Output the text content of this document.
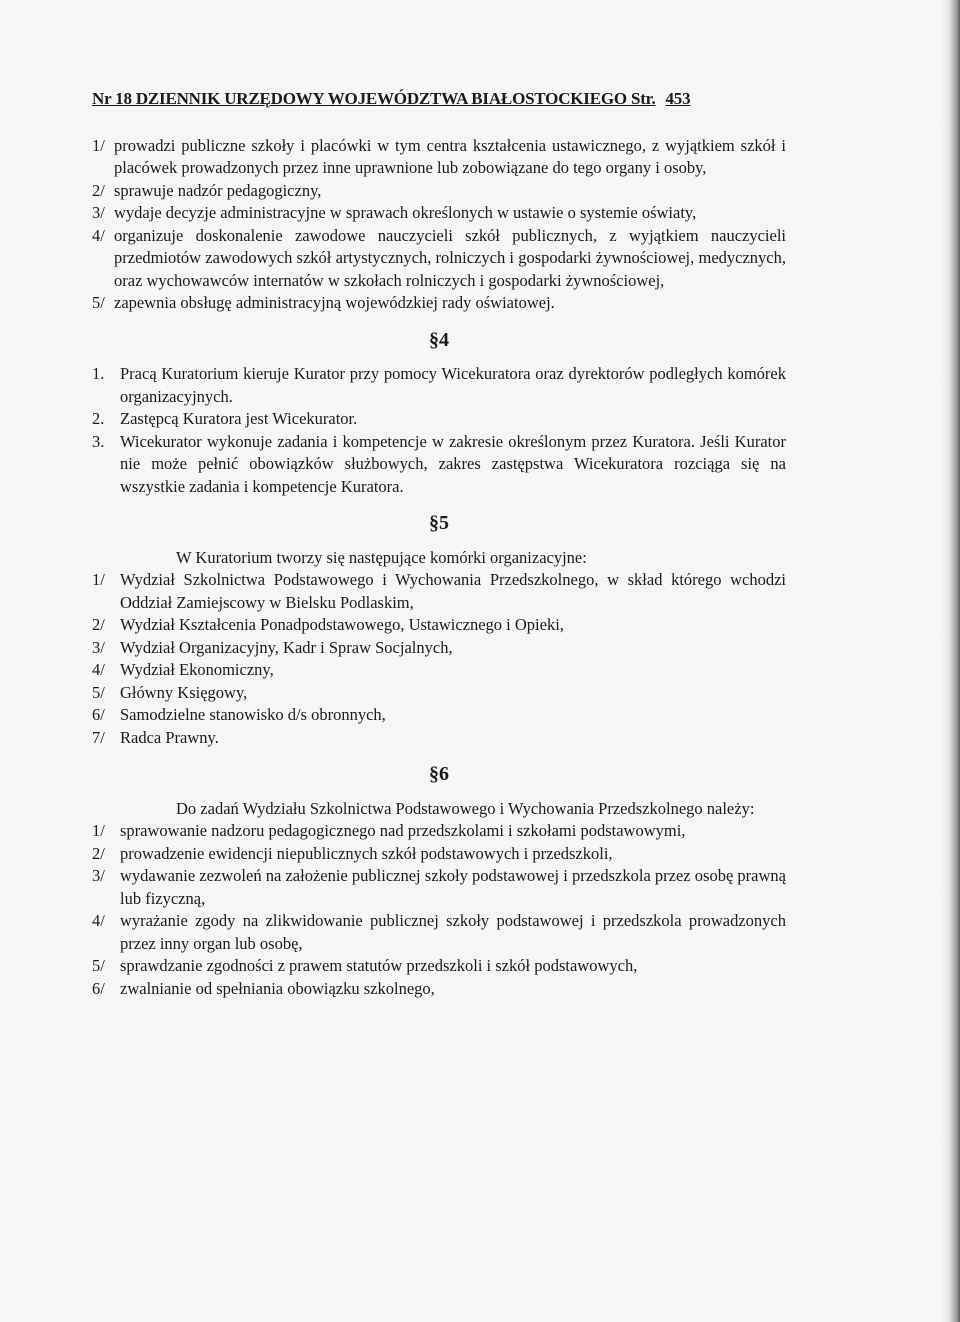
Nr 18 DZIENNIK URZĘDOWY WOJEWÓDZTWA BIAŁOSTOCKIEGO Str. 453
1/ prowadzi publiczne szkoły i placówki w tym centra kształcenia ustawicznego, z wyjątkiem szkół i placówek prowadzonych przez inne uprawnione lub zobowiązane do tego organy i osoby,
2/ sprawuje nadzór pedagogiczny,
3/ wydaje decyzje administracyjne w sprawach określonych w ustawie o systemie oświaty,
4/ organizuje doskonalenie zawodowe nauczycieli szkół publicznych, z wyjątkiem nauczycieli przedmiotów zawodowych szkół artystycznych, rolniczych i gospodarki żywnościowej, medycznych, oraz wychowawców internatów w szkołach rolniczych i gospodarki żywnościowej,
5/ zapewnia obsługę administracyjną wojewódzkiej rady oświatowej.
§4
1. Pracą Kuratorium kieruje Kurator przy pomocy Wicekuratora oraz dyrektorów podległych komórek organizacyjnych.
2. Zastępcą Kuratora jest Wicekurator.
3. Wicekurator wykonuje zadania i kompetencje w zakresie określonym przez Kuratora. Jeśli Kurator nie może pełnić obowiązków służbowych, zakres zastępstwa Wicekuratora rozciąga się na wszystkie zadania i kompetencje Kuratora.
§5
W Kuratorium tworzy się następujące komórki organizacyjne:
1/ Wydział Szkolnictwa Podstawowego i Wychowania Przedszkolnego, w skład którego wchodzi Oddział Zamiejscowy w Bielsku Podlaskim,
2/ Wydział Kształcenia Ponadpodstawowego, Ustawicznego i Opieki,
3/ Wydział Organizacyjny, Kadr i Spraw Socjalnych,
4/ Wydział Ekonomiczny,
5/ Główny Księgowy,
6/ Samodzielne stanowisko d/s obronnych,
7/ Radca Prawny.
§6
Do zadań Wydziału Szkolnictwa Podstawowego i Wychowania Przedszkolnego należy:
1/ sprawowanie nadzoru pedagogicznego nad przedszkolami i szkołami podstawowymi,
2/ prowadzenie ewidencji niepublicznych szkół podstawowych i przedszkoli,
3/ wydawanie zezwoleń na założenie publicznej szkoły podstawowej i przedszkola przez osobę prawną lub fizyczną,
4/ wyrażanie zgody na zlikwidowanie publicznej szkoły podstawowej i przedszkola prowadzonych przez inny organ lub osobę,
5/ sprawdzanie zgodności z prawem statutów przedszkoli i szkół podstawowych,
6/ zwalnianie od spełniania obowiązku szkolnego,
